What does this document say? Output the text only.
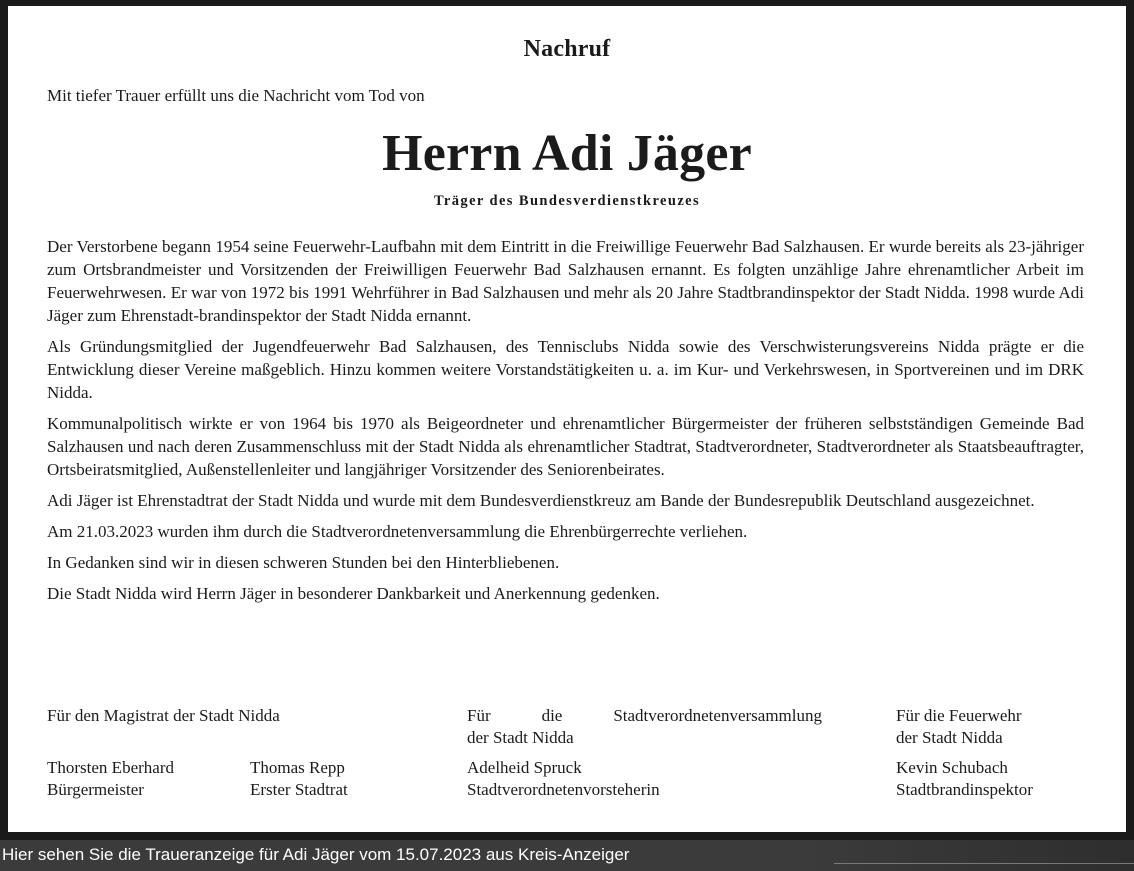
Nachruf
Mit tiefer Trauer erfüllt uns die Nachricht vom Tod von
Herrn Adi Jäger
Träger des Bundesverdienstkreuzes

Der Verstorbene begann 1954 seine Feuerwehr-Laufbahn mit dem Eintritt in die Freiwillige Feuerwehr Bad Salzhausen. Er wurde bereits als 23-jähriger zum Ortsbrandmeister und Vorsitzenden der Freiwilligen Feuerwehr Bad Salzhausen ernannt. Es folgten unzählige Jahre ehrenamtlicher Arbeit im Feuerwehrwesen. Er war von 1972 bis 1991 Wehrführer in Bad Salzhausen und mehr als 20 Jahre Stadtbrandinspektor der Stadt Nidda. 1998 wurde Adi Jäger zum Ehrenstadt-brandinspektor der Stadt Nidda ernannt.

Als Gründungsmitglied der Jugendfeuerwehr Bad Salzhausen, des Tennisclubs Nidda sowie des Verschwisterungsvereins Nidda prägte er die Entwicklung dieser Vereine maßgeblich. Hinzu kommen weitere Vorstandstätigkeiten u. a. im Kur- und Verkehrswesen, in Sportvereinen und im DRK Nidda.

Kommunalpolitisch wirkte er von 1964 bis 1970 als Beigeordneter und ehrenamtlicher Bürgermeister der früheren selbstständigen Gemeinde Bad Salzhausen und nach deren Zusammenschluss mit der Stadt Nidda als ehrenamtlicher Stadtrat, Stadtverordneter, Stadtverordneter als Staatsbeauftragter, Ortsbeiratsmitglied, Außenstellenleiter und langjähriger Vorsitzender des Seniorenbeirates.

Adi Jäger ist Ehrenstadtrat der Stadt Nidda und wurde mit dem Bundesverdienstkreuz am Bande der Bundesrepublik Deutschland ausgezeichnet.

Am 21.03.2023 wurden ihm durch die Stadtverordnetenversammlung die Ehrenbürgerrechte verliehen.

In Gedanken sind wir in diesen schweren Stunden bei den Hinterbliebenen.

Die Stadt Nidda wird Herrn Jäger in besonderer Dankbarkeit und Anerkennung gedenken.

Für den Magistrat der Stadt Nidda	Für die Stadtverordnetenversammlung
der Stadt Nidda
Für die Feuerwehr
der Stadt Nidda
Thorsten Eberhard
Bürgermeister
Thomas Repp
Erster Stadtrat
Adelheid Spruck
Stadtverordnetenvorsteherin
Kevin Schubach
Stadtbrandinspektor
Hier sehen Sie die Traueranzeige für Adi Jäger vom 15.07.2023 aus Kreis-Anzeiger
